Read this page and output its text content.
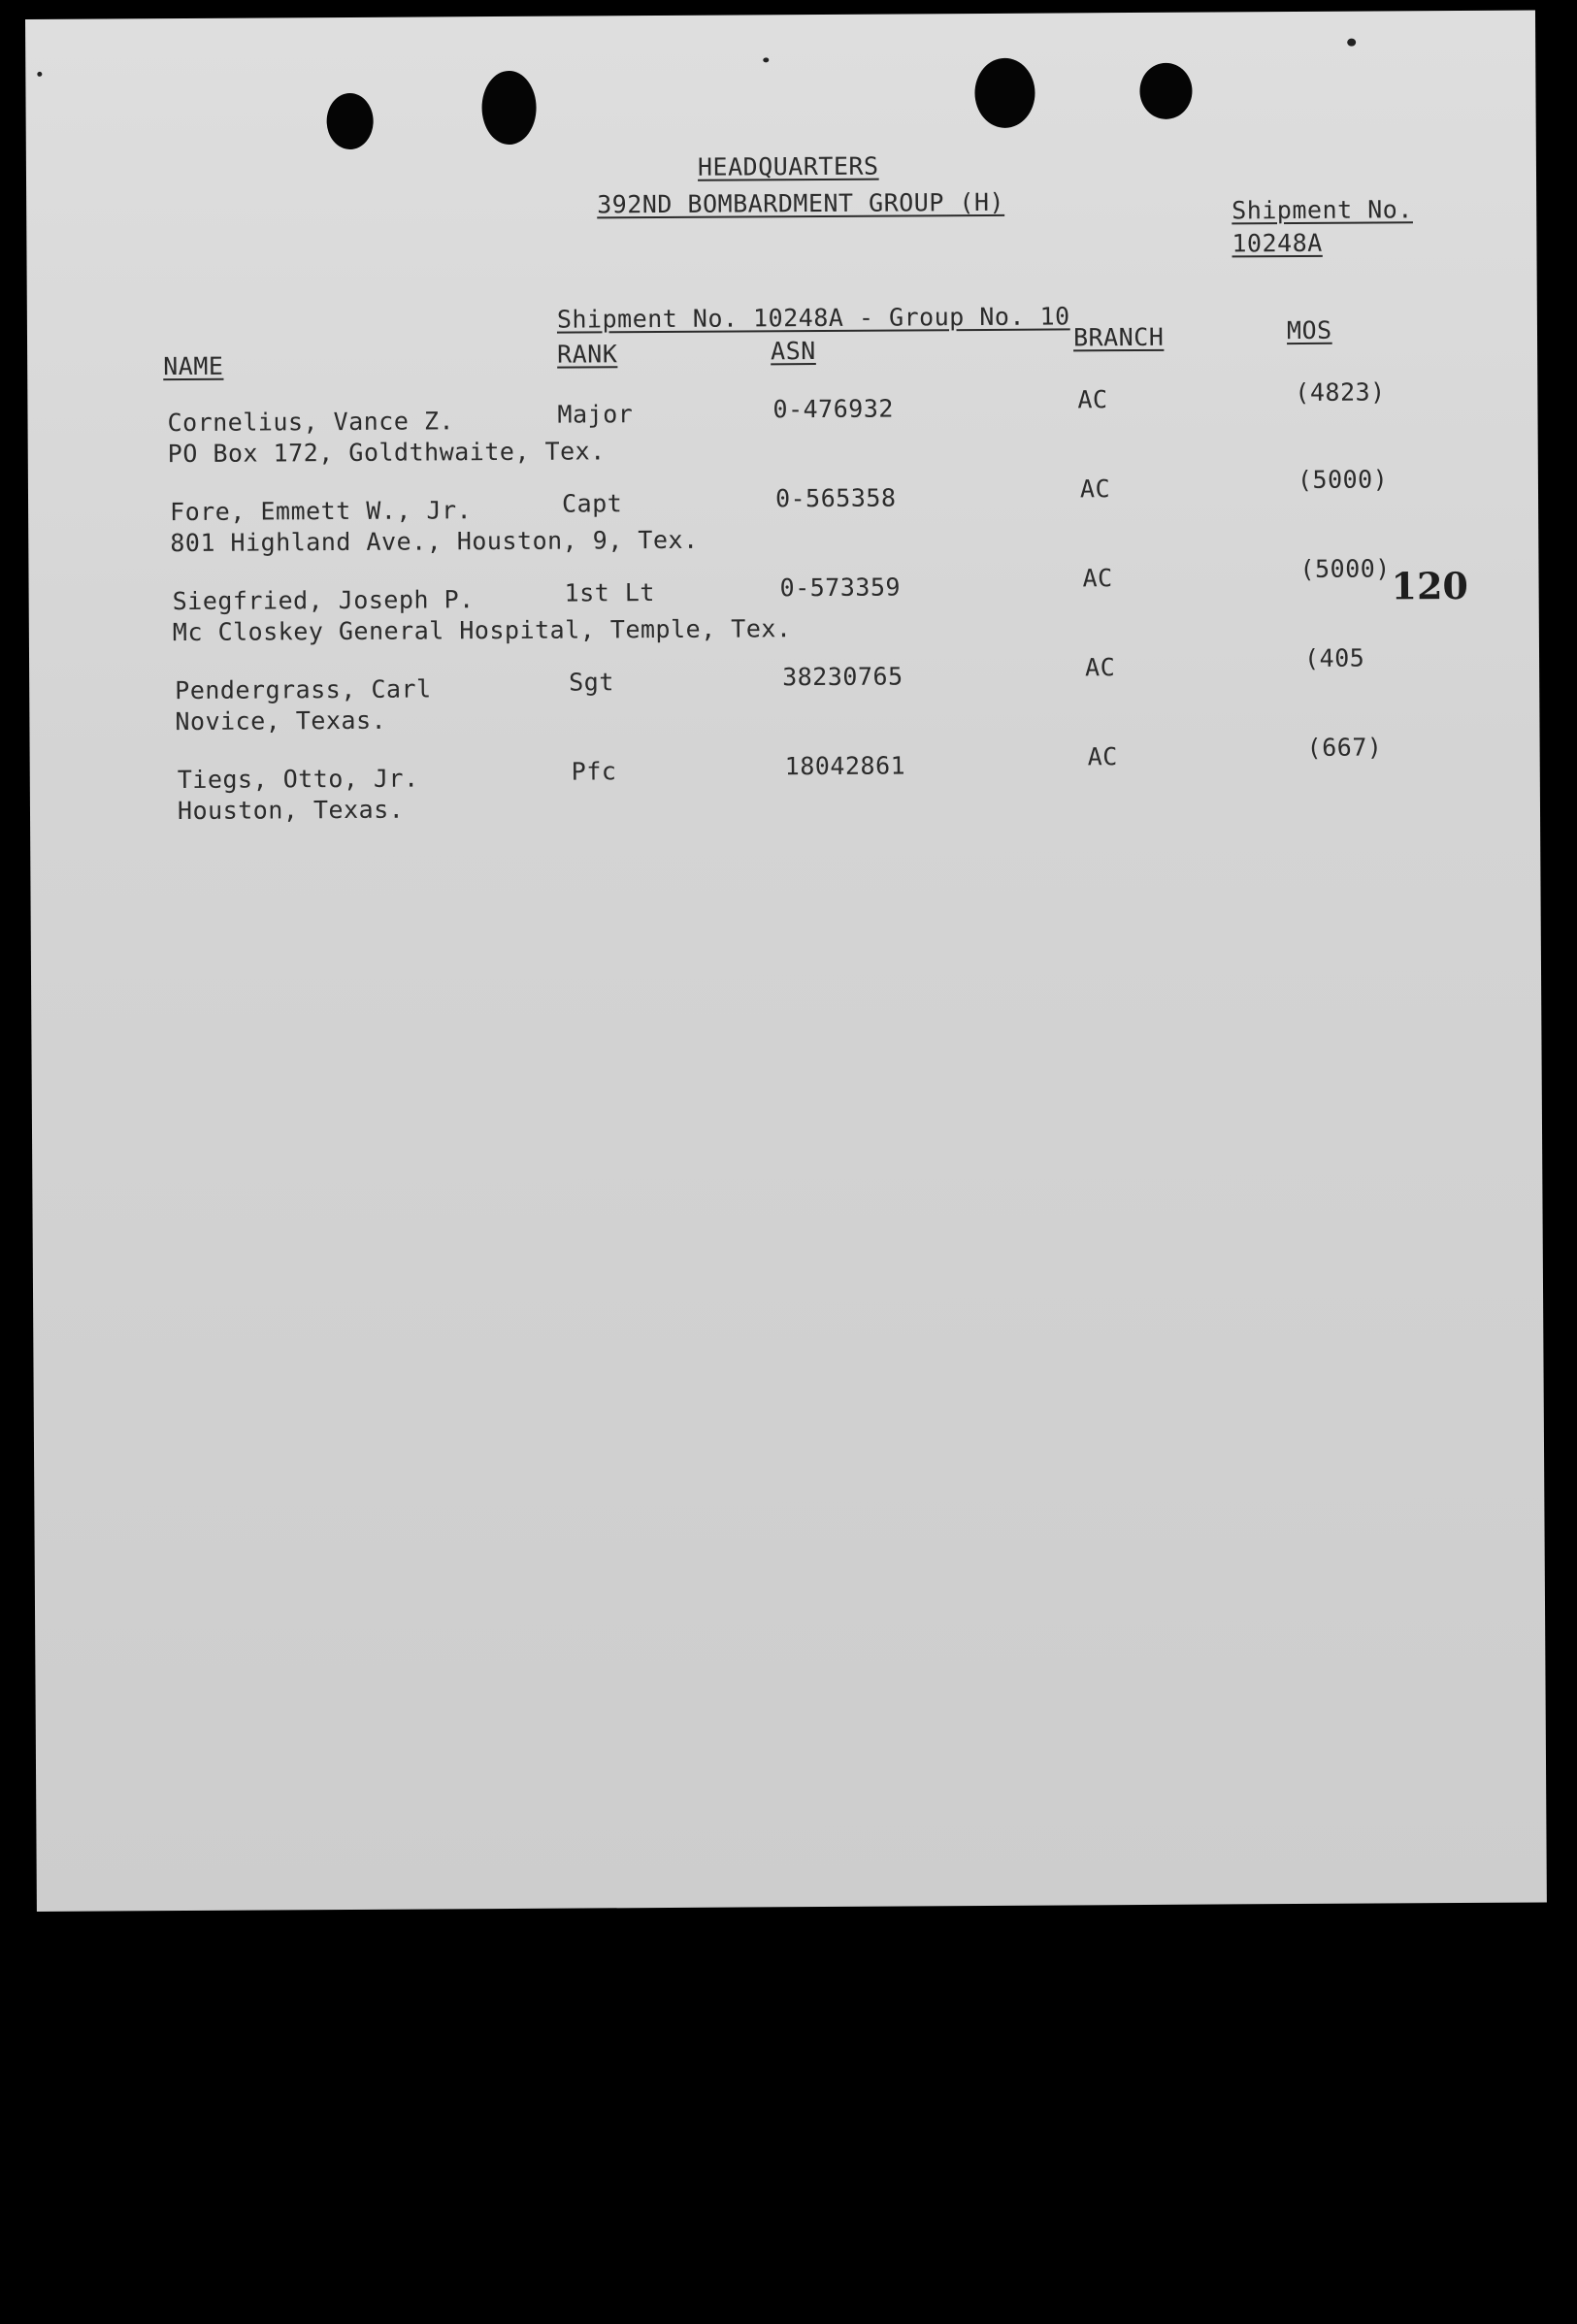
HEADQUARTERS
392ND BOMBARDMENT GROUP (H)	Shipment No.
10248A
Shipment No. 10248A - Group No. 10
NAME	RANK	ASN	BRANCH	MOS
Cornelius, Vance Z.	Major	0-476932	AC	(4823)
PO Box 172, Goldthwaite, Tex.
Fore, Emmett W., Jr.	Capt	0-565358	AC	(5000)
801 Highland Ave., Houston, 9, Tex.
Siegfried, Joseph P.	1st Lt	0-573359	AC	(5000)
Mc Closkey General Hospital, Temple, Tex.
Pendergrass, Carl	Sgt	38230765	AC	(405
Novice, Texas.
Tiegs, Otto, Jr.	Pfc	18042861	AC	(667)
Houston, Texas.
120
